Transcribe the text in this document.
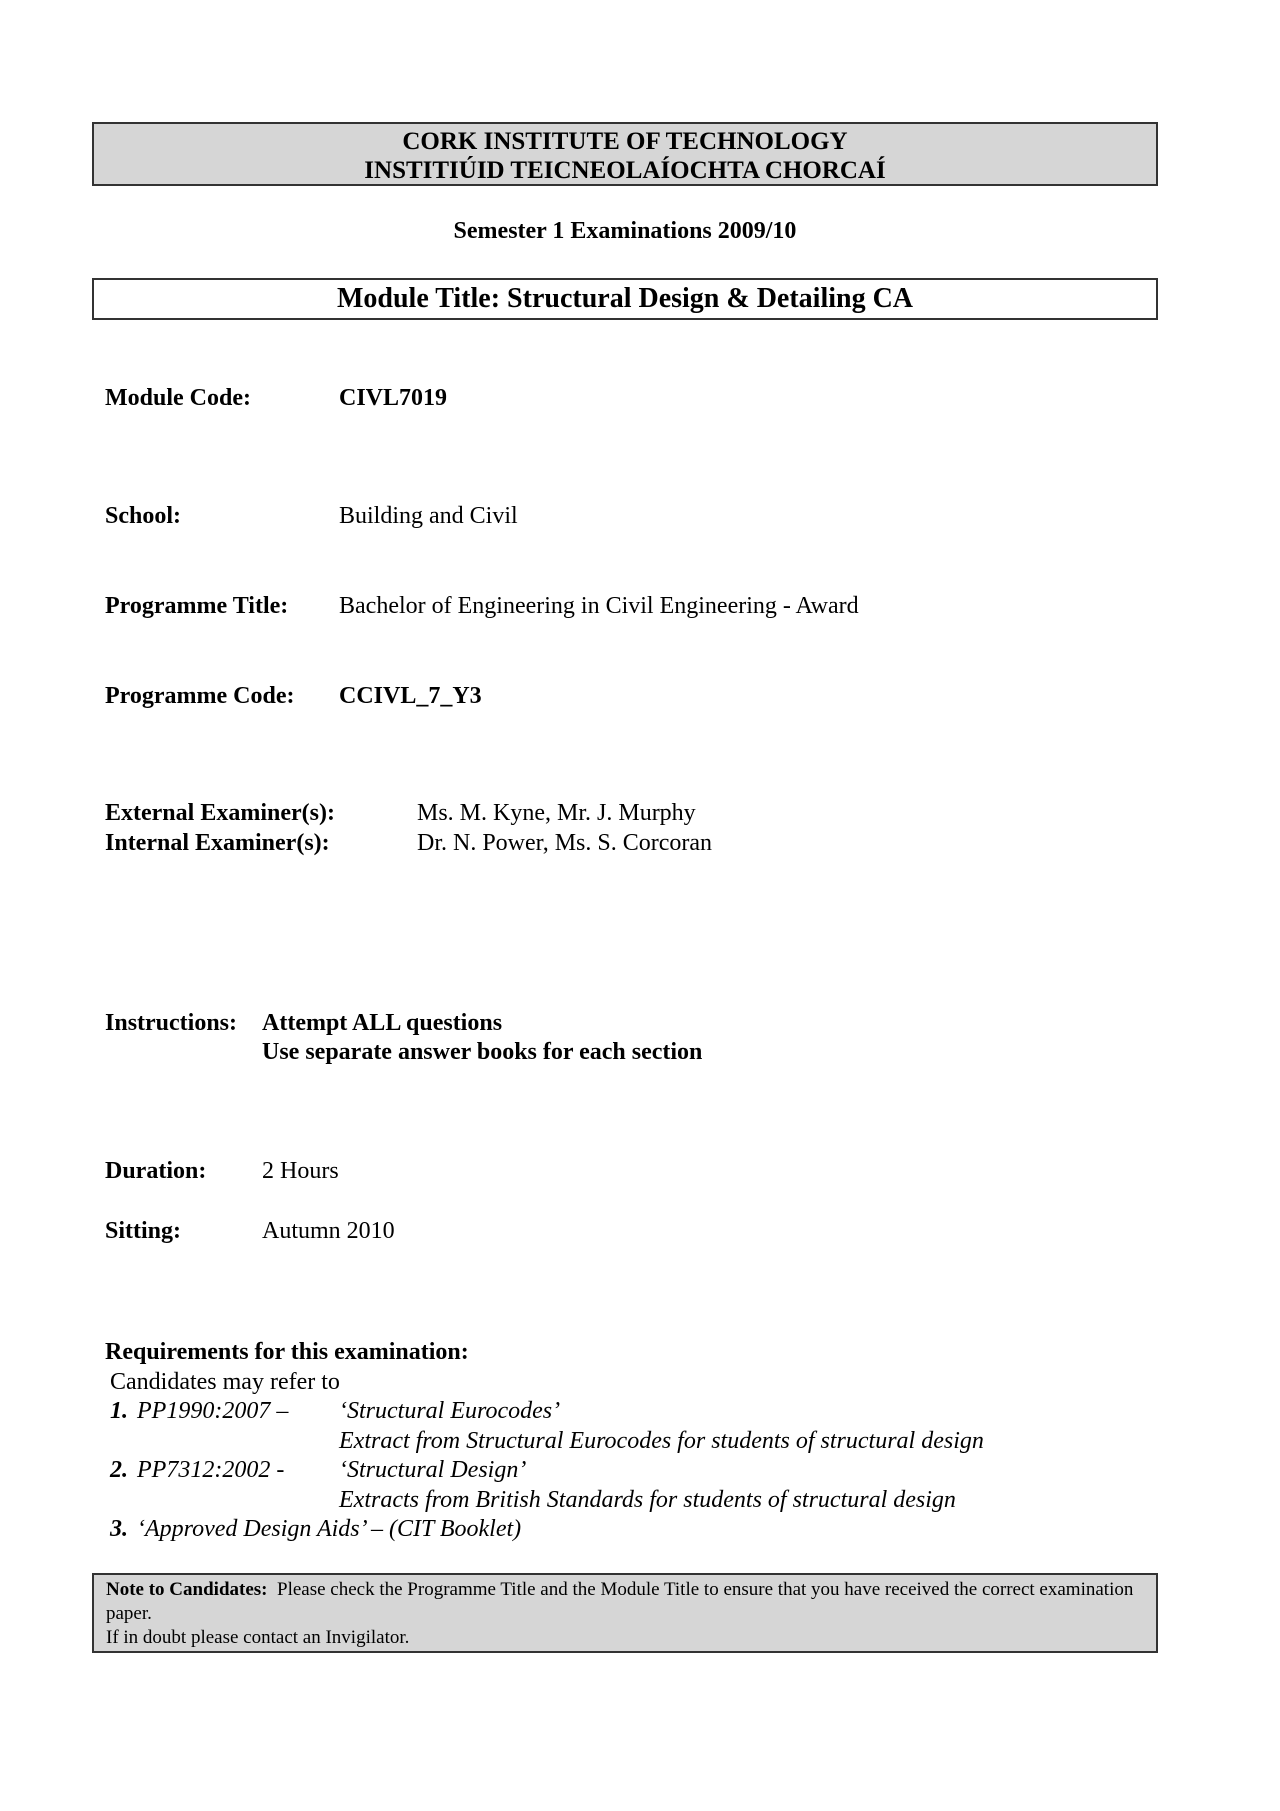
CORK INSTITUTE OF TECHNOLOGY
INSTITIÚID TEICNEOLAÍOCHTA CHORCAÍ
Semester 1 Examinations 2009/10
Module Title: Structural Design & Detailing CA
Module Code:	CIVL7019
School:	Building and Civil
Programme Title: Bachelor of Engineering in Civil Engineering - Award
Programme Code: CCIVL_7_Y3
External Examiner(s):	Ms. M. Kyne, Mr. J. Murphy
Internal Examiner(s):	Dr. N. Power, Ms. S. Corcoran
Instructions: Attempt ALL questions
Use separate answer books for each section
Duration: 2 Hours
Sitting:	Autumn 2010
Requirements for this examination:
Candidates may refer to
1. PP1990:2007 – ‘Structural Eurocodes’
Extract from Structural Eurocodes for students of structural design
2. PP7312:2002 - ‘Structural Design’
Extracts from British Standards for students of structural design
3. ‘Approved Design Aids’ – (CIT Booklet)
Note to Candidates: Please check the Programme Title and the Module Title to ensure that you have received the correct examination paper.
If in doubt please contact an Invigilator.
